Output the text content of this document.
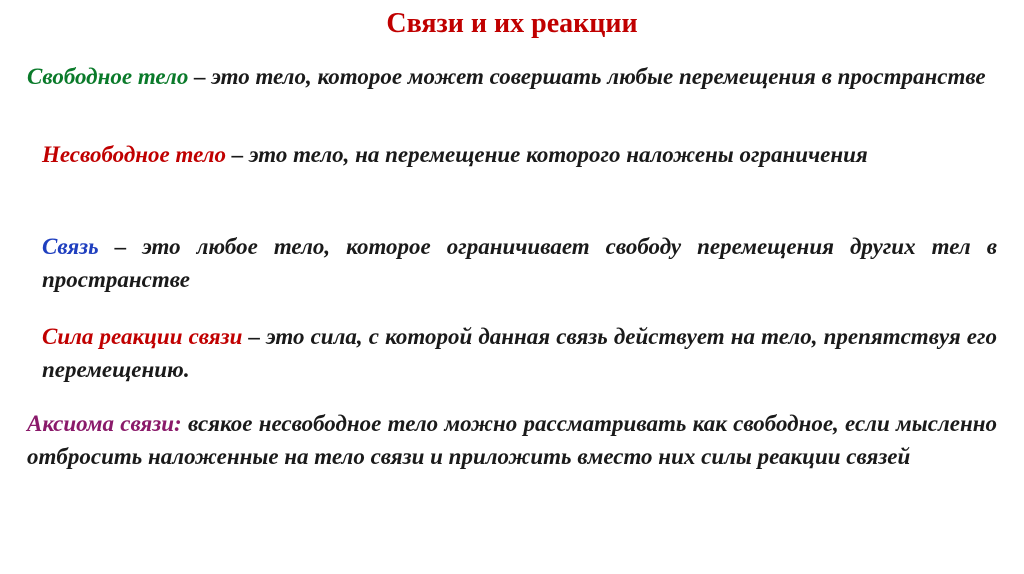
Связи и их реакции
Свободное тело – это тело, которое может совершать любые перемещения в пространстве
Несвободное тело – это тело, на перемещение которого наложены ограничения
Связь – это любое тело, которое ограничивает свободу перемещения других тел в пространстве
Сила реакции связи – это сила, с которой данная связь действует на тело, препятствуя его перемещению.
Аксиома связи: всякое несвободное тело можно рассматривать как свободное, если мысленно отбросить наложенные на тело связи и приложить вместо них силы реакции связей
